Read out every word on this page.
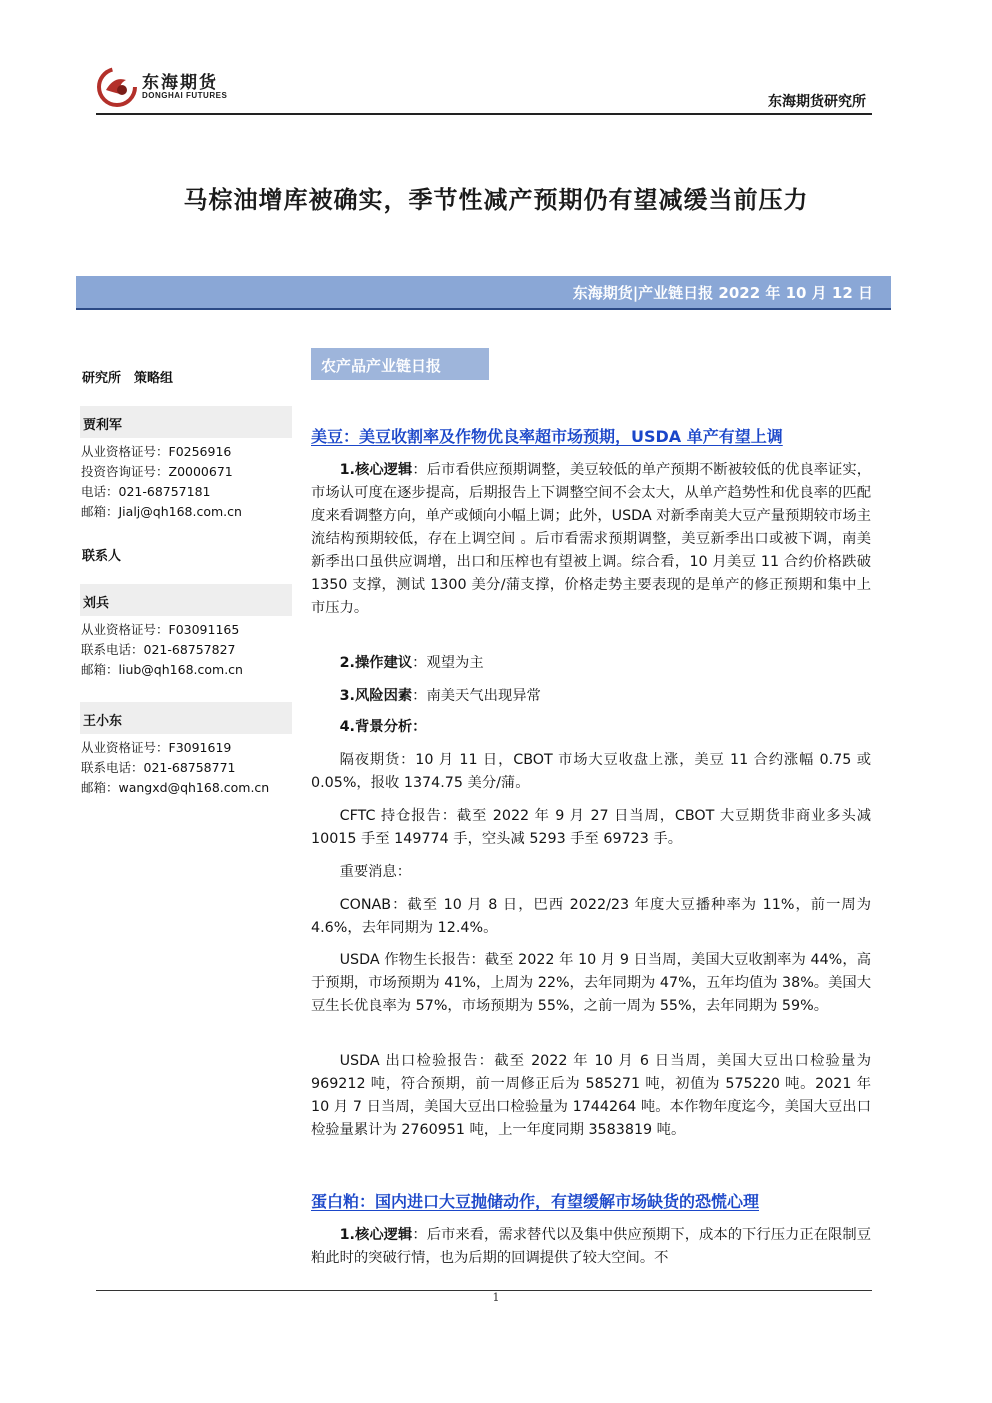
东海期货
DONGHAI FUTURES	东海期货研究所
马棕油增库被确实，季节性减产预期仍有望减缓当前压力
东海期货|产业链日报 2022 年 10 月 12 日
研究所　策略组
贾利军
从业资格证号：F0256916
投资咨询证号：Z0000671
电话：021-68757181
邮箱：Jialj@qh168.com.cn
联系人
刘兵
从业资格证号：F03091165
联系电话：021-68757827
邮箱：liub@qh168.com.cn
王小东
从业资格证号：F3091619
联系电话：021-68758771
邮箱：wangxd@qh168.com.cn
农产品产业链日报
美豆：美豆收割率及作物优良率超市场预期，USDA 单产有望上调
1.核心逻辑：后市看供应预期调整，美豆较低的单产预期不断被较低的优良率证实，市场认可度在逐步提高，后期报告上下调整空间不会太大，从单产趋势性和优良率的匹配度来看调整方向，单产或倾向小幅上调；此外，USDA 对新季南美大豆产量预期较市场主流结构预期较低，存在上调空间 。后市看需求预期调整，美豆新季出口或被下调，南美新季出口虽供应调增，出口和压榨也有望被上调。综合看，10 月美豆 11 合约价格跌破 1350 支撑，测试 1300 美分/蒲支撑，价格走势主要表现的是单产的修正预期和集中上市压力。
2.操作建议：观望为主
3.风险因素：南美天气出现异常
4.背景分析：
隔夜期货：10 月 11 日，CBOT 市场大豆收盘上涨，美豆 11 合约涨幅 0.75 或 0.05%，报收 1374.75 美分/蒲。
CFTC 持仓报告：截至 2022 年 9 月 27 日当周，CBOT 大豆期货非商业多头减 10015 手至 149774 手，空头减 5293 手至 69723 手。
重要消息：
CONAB：截至 10 月 8 日，巴西 2022/23 年度大豆播种率为 11%，前一周为 4.6%，去年同期为 12.4%。
USDA 作物生长报告：截至 2022 年 10 月 9 日当周，美国大豆收割率为 44%，高于预期，市场预期为 41%，上周为 22%，去年同期为 47%，五年均值为 38%。美国大豆生长优良率为 57%，市场预期为 55%，之前一周为 55%，去年同期为 59%。
USDA 出口检验报告：截至 2022 年 10 月 6 日当周，美国大豆出口检验量为 969212 吨，符合预期，前一周修正后为 585271 吨，初值为 575220 吨。2021 年 10 月 7 日当周，美国大豆出口检验量为 1744264 吨。本作物年度迄今，美国大豆出口检验量累计为 2760951 吨，上一年度同期 3583819 吨。
蛋白粕：国内进口大豆抛储动作，有望缓解市场缺货的恐慌心理
1.核心逻辑：后市来看，需求替代以及集中供应预期下，成本的下行压力正在限制豆粕此时的突破行情，也为后期的回调提供了较大空间。不
1
